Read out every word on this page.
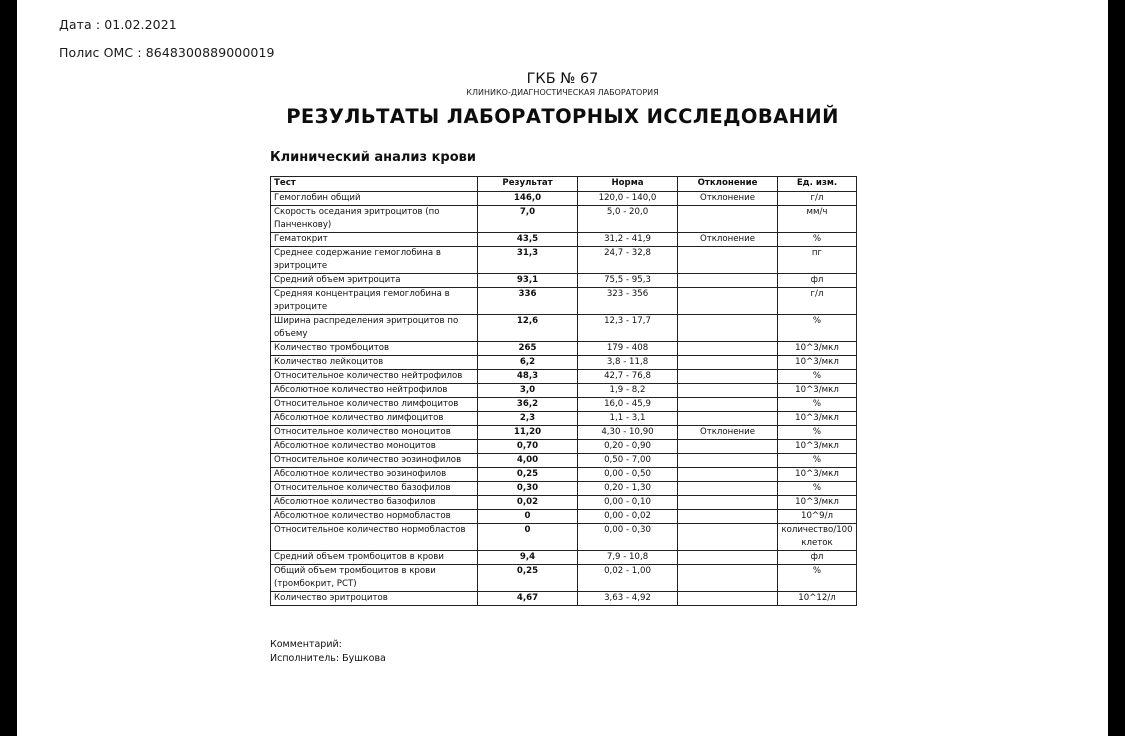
Дата : 01.02.2021
Полис ОМС : 8648300889000019
ГКБ № 67
КЛИНИКО-ДИАГНОСТИЧЕСКАЯ ЛАБОРАТОРИЯ
РЕЗУЛЬТАТЫ ЛАБОРАТОРНЫХ ИССЛЕДОВАНИЙ
Клинический анализ крови
Тест	Результат	Норма	Отклонение	Ед. изм.
Гемоглобин общий	146,0	120,0 - 140,0	Отклонение	г/л
Скорость оседания эритроцитов (по Панченкову)	7,0	5,0 - 20,0		мм/ч
Гематокрит	43,5	31,2 - 41,9	Отклонение	%
Среднее содержание гемоглобина в эритроците	31,3	24,7 - 32,8		пг
Средний объем эритроцита	93,1	75,5 - 95,3		фл
Средняя концентрация гемоглобина в эритроците	336	323 - 356		г/л
Ширина распределения эритроцитов по объему	12,6	12,3 - 17,7		%
Количество тромбоцитов	265	179 - 408		10^3/мкл
Количество лейкоцитов	6,2	3,8 - 11,8		10^3/мкл
Относительное количество нейтрофилов	48,3	42,7 - 76,8		%
Абсолютное количество нейтрофилов	3,0	1,9 - 8,2		10^3/мкл
Относительное количество лимфоцитов	36,2	16,0 - 45,9		%
Абсолютное количество лимфоцитов	2,3	1,1 - 3,1		10^3/мкл
Относительное количество моноцитов	11,20	4,30 - 10,90	Отклонение	%
Абсолютное количество моноцитов	0,70	0,20 - 0,90		10^3/мкл
Относительное количество эозинофилов	4,00	0,50 - 7,00		%
Абсолютное количество эозинофилов	0,25	0,00 - 0,50		10^3/мкл
Относительное количество базофилов	0,30	0,20 - 1,30		%
Абсолютное количество базофилов	0,02	0,00 - 0,10		10^3/мкл
Абсолютное количество нормобластов	0	0,00 - 0,02		10^9/л
Относительное количество нормобластов	0	0,00 - 0,30		количество/100 клеток
Средний объем тромбоцитов в крови	9,4	7,9 - 10,8		фл
Общий объем тромбоцитов в крови (тромбокрит, PCT)	0,25	0,02 - 1,00		%
Количество эритроцитов	4,67	3,63 - 4,92		10^12/л
Комментарий:
Исполнитель: Бушкова
